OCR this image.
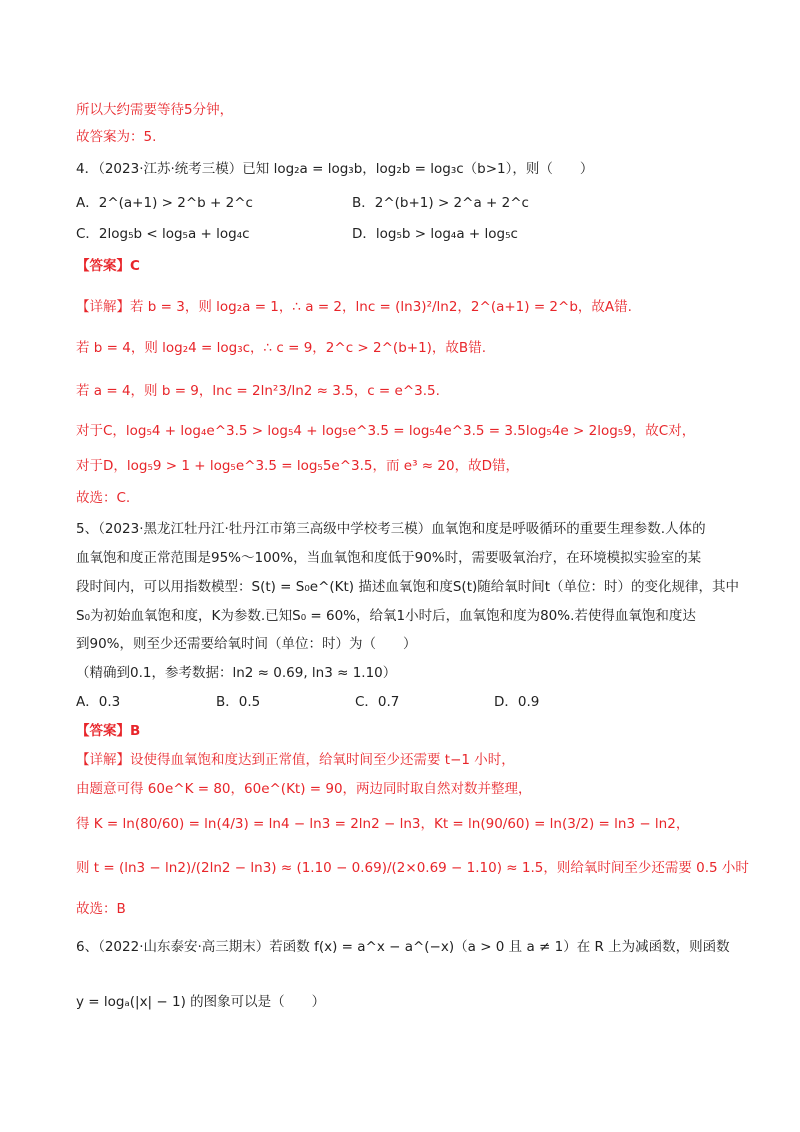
所以大约需要等待5分钟，
故答案为：5.
4．（2023·江苏·统考三模）已知 log₂a = log₃b，log₂b = log₃c（b>1），则（　　）
A．2^(a+1) > 2^b + 2^c	B．2^(b+1) > 2^a + 2^c
C．2log₅b < log₅a + log₄c	D．log₅b > log₄a + log₅c
【答案】C
【详解】若 b = 3，则 log₂a = 1，∴ a = 2，lnc = (ln3)²/ln2，2^(a+1) = 2^b，故A错.
若 b = 4，则 log₂4 = log₃c，∴ c = 9，2^c > 2^(b+1)，故B错.
若 a = 4，则 b = 9，lnc = 2ln²3/ln2 ≈ 3.5，c = e^3.5.
对于C，log₅4 + log₄e^3.5 > log₅4 + log₅e^3.5 = log₅4e^3.5 = 3.5log₅4e > 2log₅9，故C对，
对于D，log₅9 > 1 + log₅e^3.5 = log₅5e^3.5，而 e³ ≈ 20，故D错，
故选：C.
5、（2023·黑龙江牡丹江·牡丹江市第三高级中学校考三模）血氧饱和度是呼吸循环的重要生理参数.人体的
血氧饱和度正常范围是95%～100%，当血氧饱和度低于90%时，需要吸氧治疗，在环境模拟实验室的某
段时间内，可以用指数模型：S(t) = S₀e^(Kt) 描述血氧饱和度S(t)随给氧时间t（单位：时）的变化规律，其中
S₀为初始血氧饱和度，K为参数.已知S₀ = 60%，给氧1小时后，血氧饱和度为80%.若使得血氧饱和度达
到90%，则至少还需要给氧时间（单位：时）为（　　）
（精确到0.1，参考数据：ln2 ≈ 0.69, ln3 ≈ 1.10）
A．0.3	B．0.5	C．0.7	D．0.9
【答案】B
【详解】设使得血氧饱和度达到正常值，给氧时间至少还需要 t−1 小时，
由题意可得 60e^K = 80，60e^(Kt) = 90，两边同时取自然对数并整理，
得 K = ln(80/60) = ln(4/3) = ln4 − ln3 = 2ln2 − ln3，Kt = ln(90/60) = ln(3/2) = ln3 − ln2，
则 t = (ln3 − ln2)/(2ln2 − ln3) ≈ (1.10 − 0.69)/(2×0.69 − 1.10) ≈ 1.5，则给氧时间至少还需要 0.5 小时
故选：B
6、（2022·山东泰安·高三期末）若函数 f(x) = a^x − a^(−x)（a > 0 且 a ≠ 1）在 R 上为减函数，则函数
y = logₐ(|x| − 1) 的图象可以是（　　）
